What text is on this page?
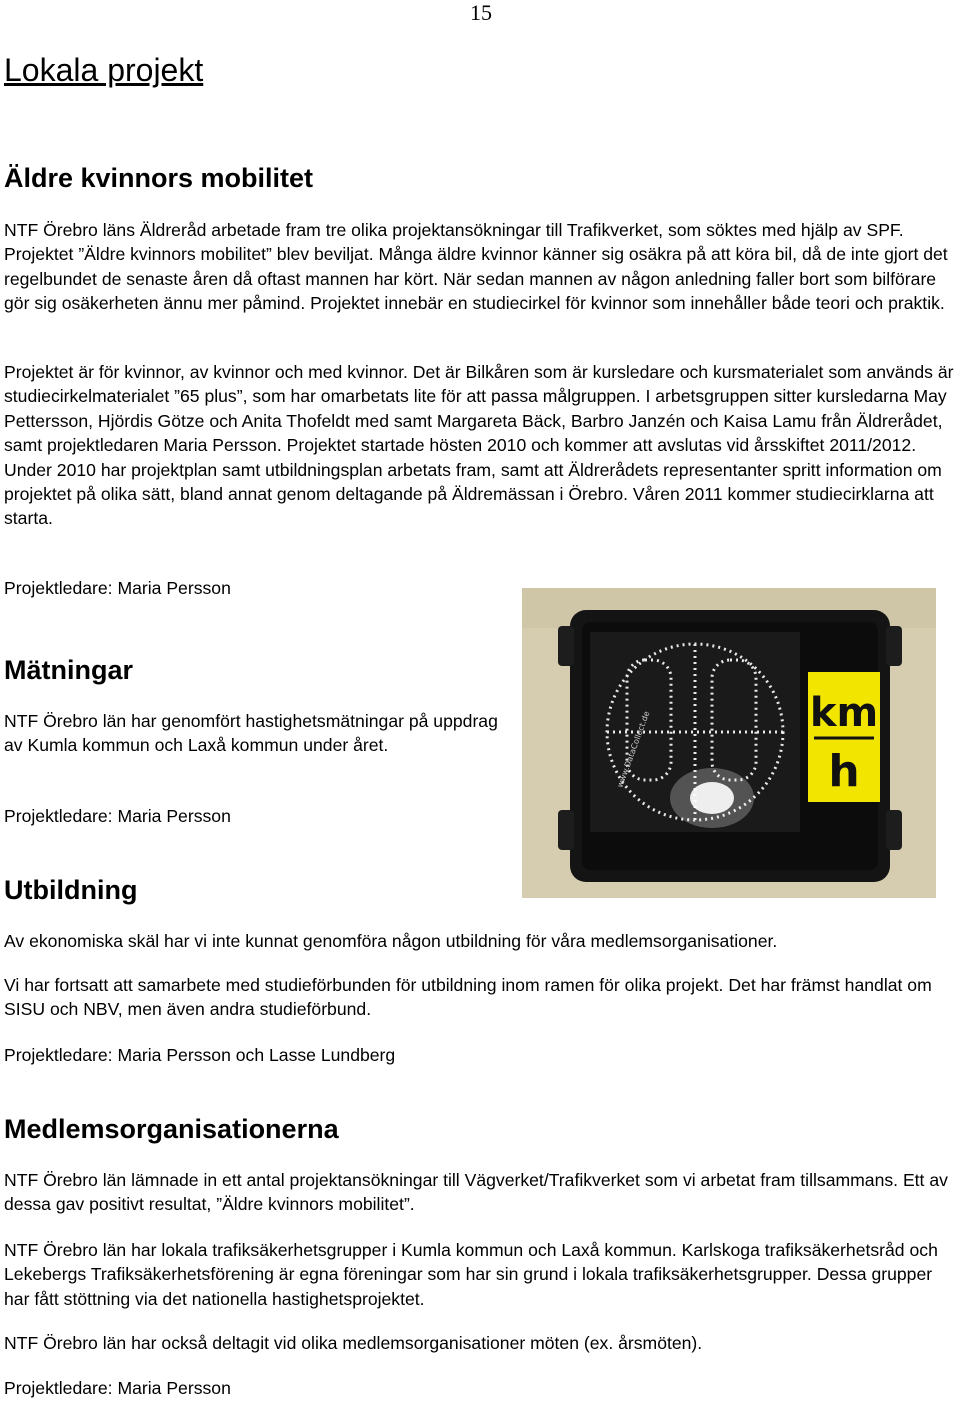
15
Lokala projekt
Äldre kvinnors mobilitet

NTF Örebro läns Äldreråd arbetade fram tre olika projektansökningar till Trafikverket, som söktes med hjälp av SPF. Projektet ”Äldre kvinnors mobilitet” blev beviljat. Många äldre kvinnor känner sig osäkra på att köra bil, då de inte gjort det regelbundet de senaste åren då oftast mannen har kört. När sedan mannen av någon anledning faller bort som bilförare gör sig osäkerheten ännu mer påmind. Projektet innebär en studiecirkel för kvinnor som innehåller både teori och praktik.

Projektet är för kvinnor, av kvinnor och med kvinnor. Det är Bilkåren som är kursledare och kursmaterialet som används är studiecirkelmaterialet ”65 plus”, som har omarbetats lite för att passa målgruppen. I arbetsgruppen sitter kursledarna May Pettersson, Hjördis Götze och Anita Thofeldt med samt Margareta Bäck, Barbro Janzén och Kaisa Lamu från Äldrerådet, samt projektledaren Maria Persson. Projektet startade hösten 2010 och kommer att avslutas vid årsskiftet 2011/2012. Under 2010 har projektplan samt utbildningsplan arbetats fram, samt att Äldrerådets representanter spritt information om projektet på olika sätt, bland annat genom deltagande på Äldremässan i Örebro. Våren 2011 kommer studiecirklarna att starta.

Projektledare: Maria Persson

Mätningar

NTF Örebro län har genomfört hastighetsmätningar på uppdrag av Kumla kommun och Laxå kommun under året.

Projektledare: Maria Persson

www.DataCollect.de	km
h
Utbildning

Av ekonomiska skäl har vi inte kunnat genomföra någon utbildning för våra medlemsorganisationer.

Vi har fortsatt att samarbete med studieförbunden för utbildning inom ramen för olika projekt. Det har främst handlat om SISU och NBV, men även andra studieförbund.

Projektledare: Maria Persson och Lasse Lundberg

Medlemsorganisationerna

NTF Örebro län lämnade in ett antal projektansökningar till Vägverket/Trafikverket som vi arbetat fram tillsammans. Ett av dessa gav positivt resultat, ”Äldre kvinnors mobilitet”.

NTF Örebro län har lokala trafiksäkerhetsgrupper i Kumla kommun och Laxå kommun. Karlskoga trafiksäkerhetsråd och Lekebergs Trafiksäkerhetsförening är egna föreningar som har sin grund i lokala trafiksäkerhetsgrupper. Dessa grupper har fått stöttning via det nationella hastighetsprojektet.

NTF Örebro län har också deltagit vid olika medlemsorganisationer möten (ex. årsmöten).

Projektledare: Maria Persson
